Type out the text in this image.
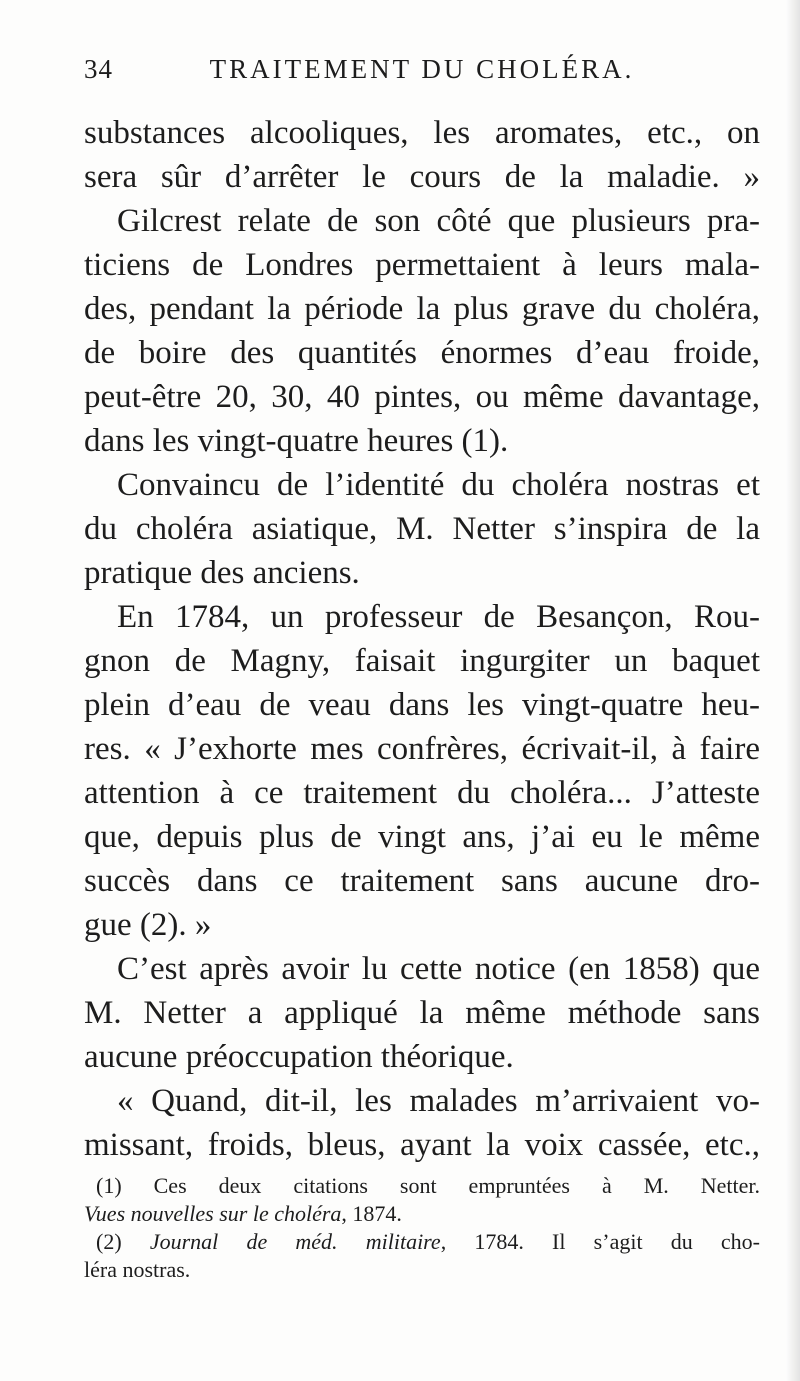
34	TRAITEMENT DU CHOLÉRA.
substances alcooliques, les aromates, etc., on
sera sûr d’arrêter le cours de la maladie. »
Gilcrest relate de son côté que plusieurs pra-
ticiens de Londres permettaient à leurs mala-
des, pendant la période la plus grave du choléra,
de boire des quantités énormes d’eau froide,
peut-être 20, 30, 40 pintes, ou même davantage,
dans les vingt-quatre heures (1).
Convaincu de l’identité du choléra nostras et
du choléra asiatique, M. Netter s’inspira de la
pratique des anciens.
En 1784, un professeur de Besançon, Rou-
gnon de Magny, faisait ingurgiter un baquet
plein d’eau de veau dans les vingt-quatre heu-
res. « J’exhorte mes confrères, écrivait-il, à faire
attention à ce traitement du choléra... J’atteste
que, depuis plus de vingt ans, j’ai eu le même
succès dans ce traitement sans aucune dro-
gue (2). »
C’est après avoir lu cette notice (en 1858) que
M. Netter a appliqué la même méthode sans
aucune préoccupation théorique.
« Quand, dit-il, les malades m’arrivaient vo-
missant, froids, bleus, ayant la voix cassée, etc.,
(1) Ces deux citations sont empruntées à M. Netter.
Vues nouvelles sur le choléra, 1874.
(2) Journal de méd. militaire, 1784. Il s’agit du cho-
léra nostras.
